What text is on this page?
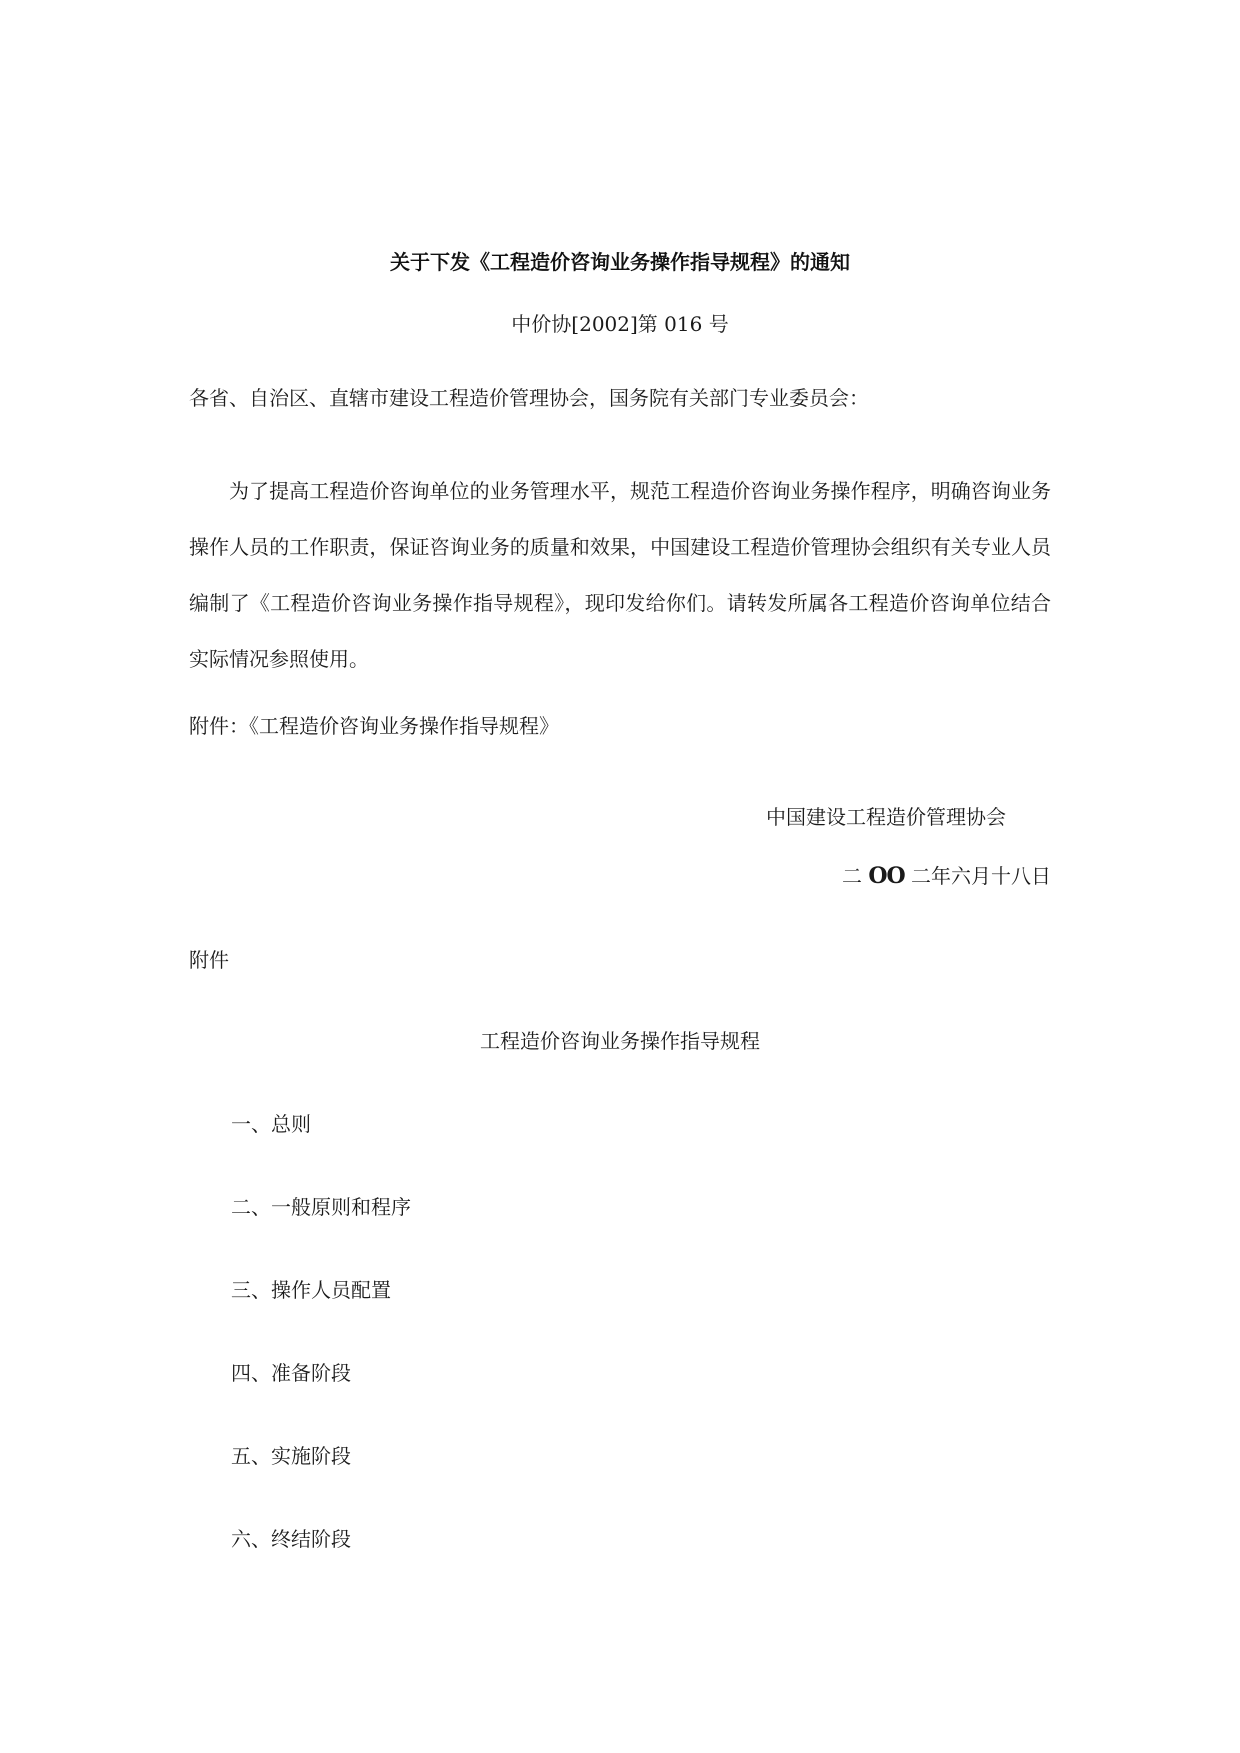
关于下发《工程造价咨询业务操作指导规程》的通知
中价协[2002]第 016 号
各省、自治区、直辖市建设工程造价管理协会，国务院有关部门专业委员会：
为了提高工程造价咨询单位的业务管理水平，规范工程造价咨询业务操作程序，明确咨询业务操作人员的工作职责，保证咨询业务的质量和效果，中国建设工程造价管理协会组织有关专业人员编制了《工程造价咨询业务操作指导规程》，现印发给你们。请转发所属各工程造价咨询单位结合实际情况参照使用。
附件：《工程造价咨询业务操作指导规程》
中国建设工程造价管理协会
二 OO 二年六月十八日
附件
工程造价咨询业务操作指导规程
一、总则
二、一般原则和程序
三、操作人员配置
四、准备阶段
五、实施阶段
六、终结阶段
